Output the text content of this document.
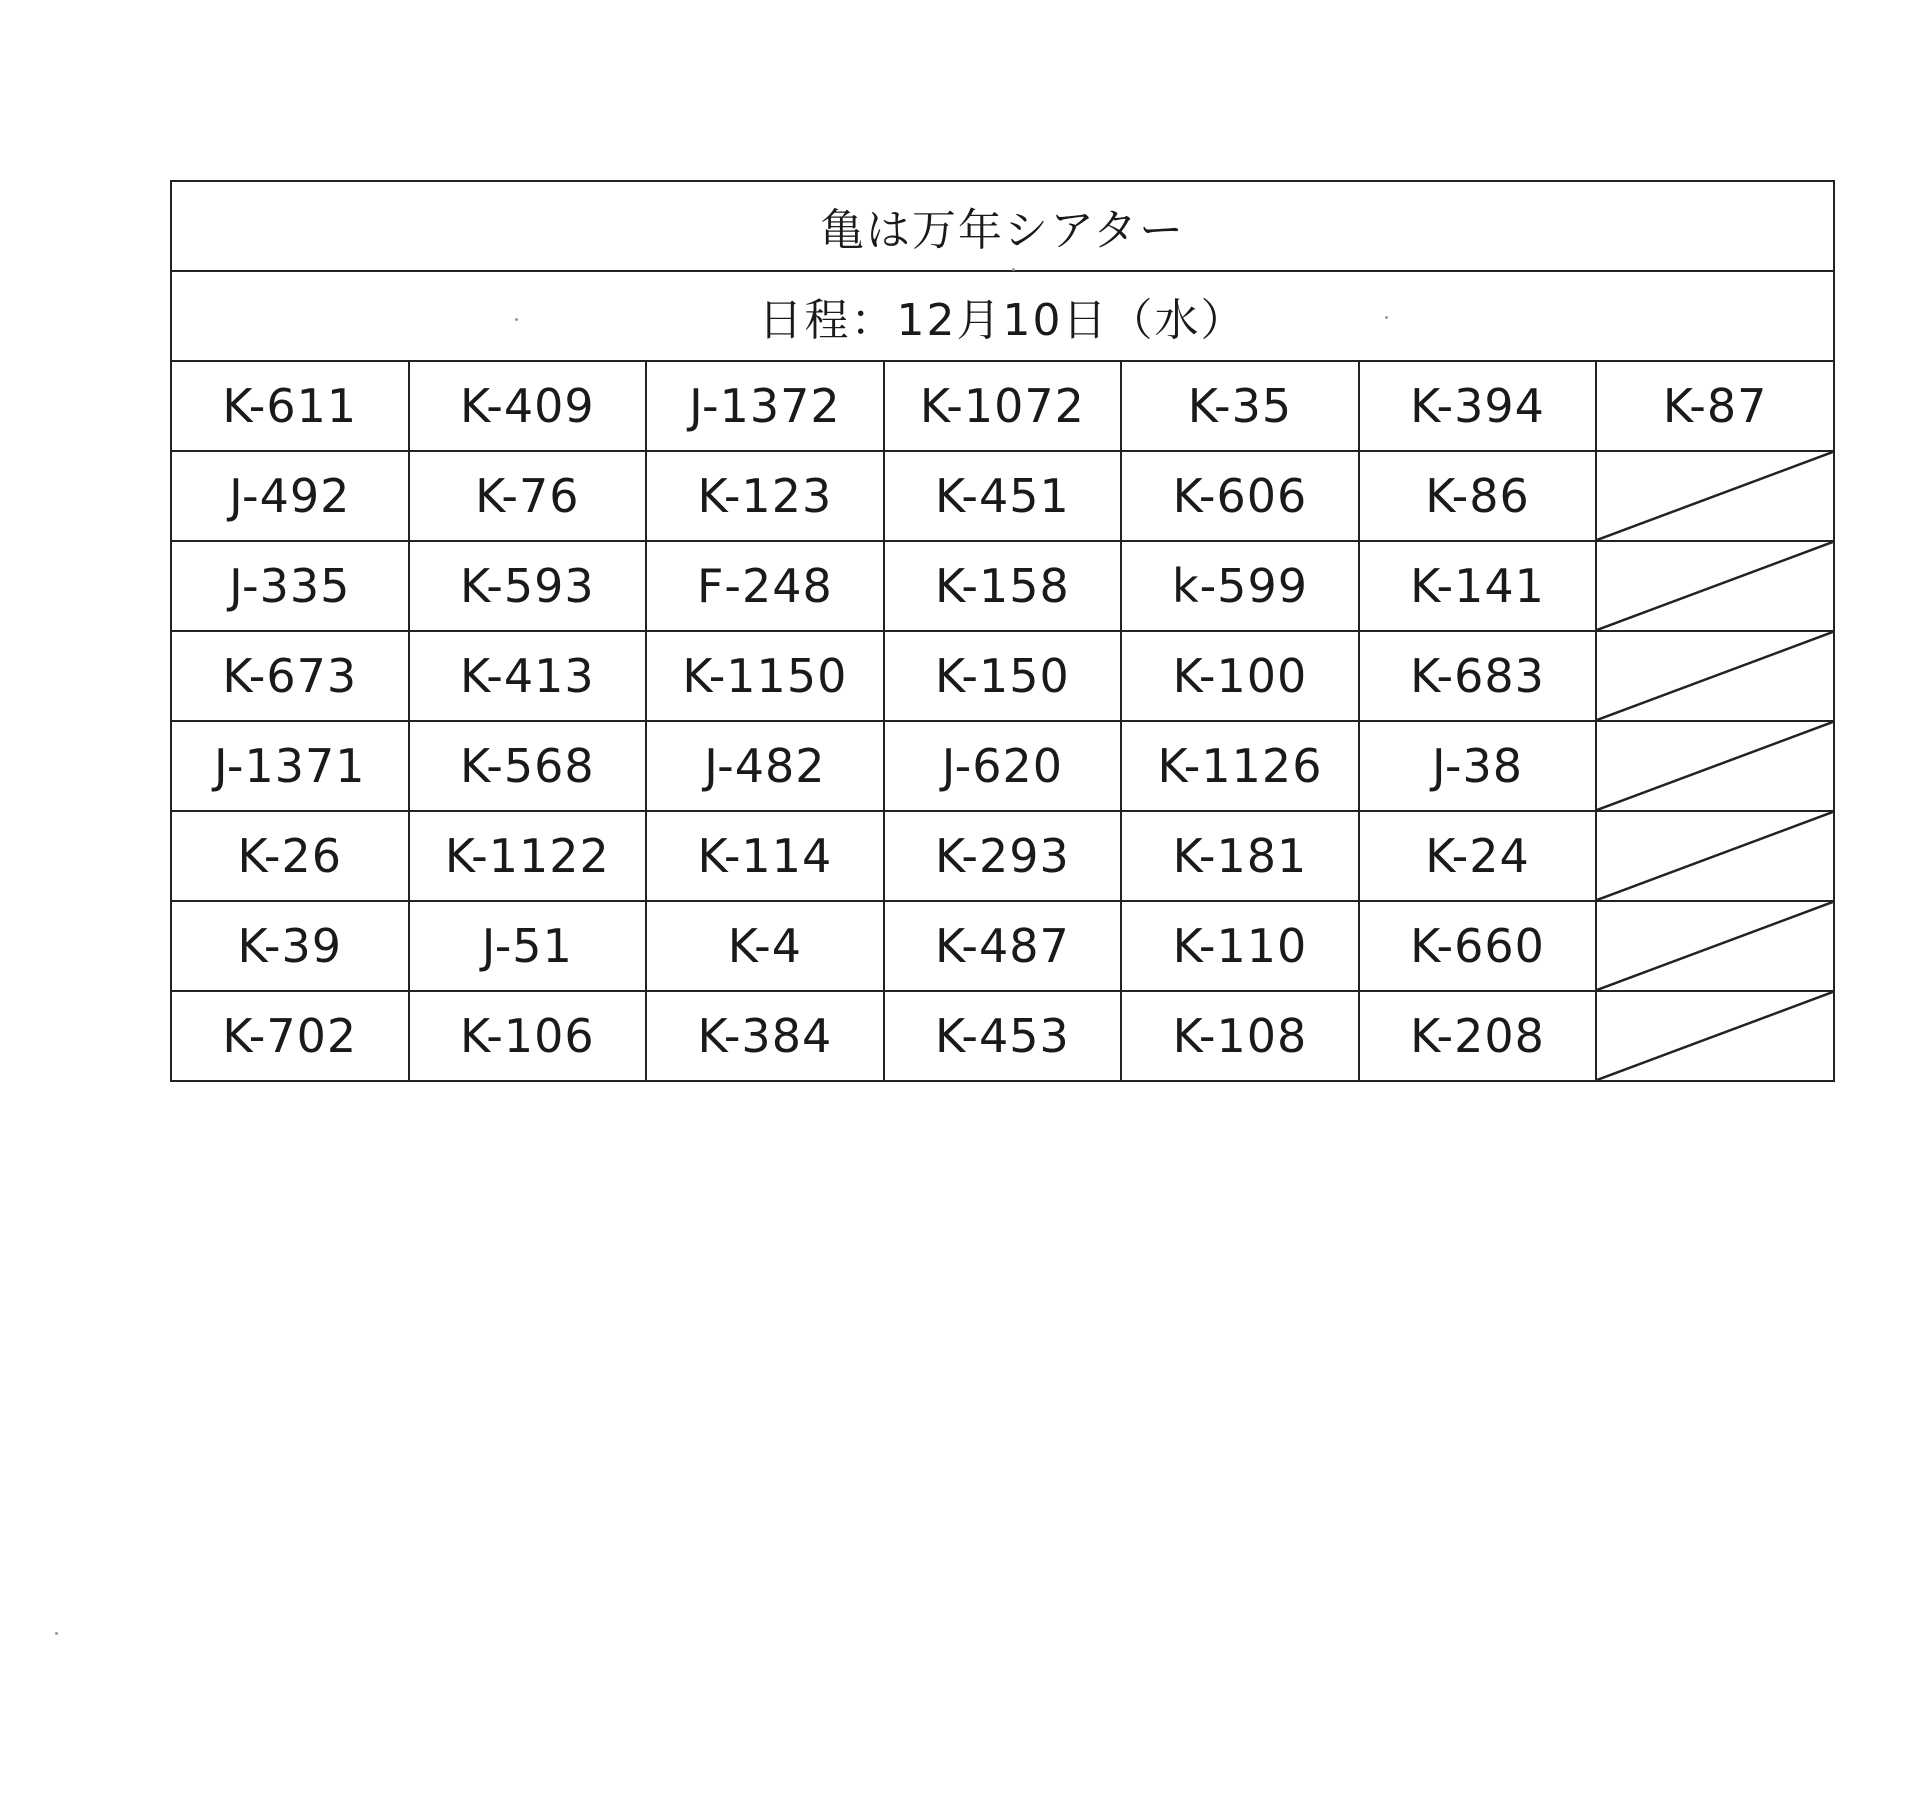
亀は万年シアター						
日程：12月10日（水）						
K-611	K-409	J-1372	K-1072	K-35	K-394	K-87
J-492	K-76	K-123	K-451	K-606	K-86	

J-335	K-593	F-248	K-158	k-599	K-141	

K-673	K-413	K-1150	K-150	K-100	K-683	

J-1371	K-568	J-482	J-620	K-1126	J-38	

K-26	K-1122	K-114	K-293	K-181	K-24	

K-39	J-51	K-4	K-487	K-110	K-660	

K-702	K-106	K-384	K-453	K-108	K-208	
